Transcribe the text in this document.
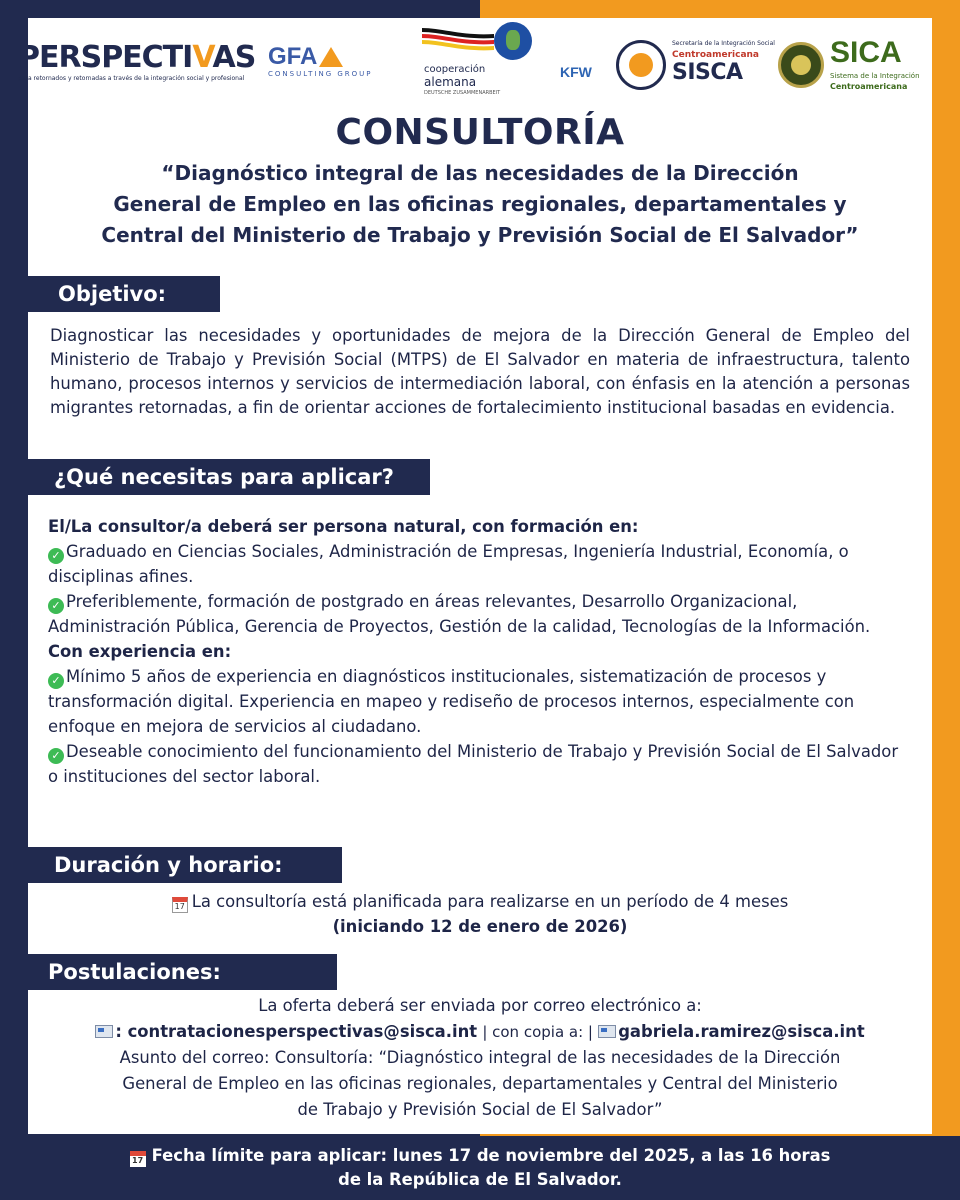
PERSPECTIVAS
para retornados y retornadas a través de la integración social y profesional
GFA
CONSULTING GROUP	cooperación
alemana
DEUTSCHE ZUSAMMENARBEIT
KFW
Secretaría de la Integración Social
Centroamericana
SISCA
SICA
Sistema de la Integración
Centroamericana
CONSULTORÍA
“Diagnóstico integral de las necesidades de la Dirección
General de Empleo en las oficinas regionales, departamentales y
Central del Ministerio de Trabajo y Previsión Social de El Salvador”
Objetivo:
Diagnosticar las necesidades y oportunidades de mejora de la Dirección General de Empleo del Ministerio de Trabajo y Previsión Social (MTPS) de El Salvador en materia de infraestructura, talento humano, procesos internos y servicios de intermediación laboral, con énfasis en la atención a personas migrantes retornadas, a fin de orientar acciones de fortalecimiento institucional basadas en evidencia.
¿Qué necesitas para aplicar?
El/La consultor/a deberá ser persona natural, con formación en:
✓ Graduado en Ciencias Sociales, Administración de Empresas, Ingeniería Industrial, Economía, o disciplinas afines.
✓ Preferiblemente, formación de postgrado en áreas relevantes, Desarrollo Organizacional, Administración Pública, Gerencia de Proyectos, Gestión de la calidad, Tecnologías de la Información.
Con experiencia en:
✓ Mínimo 5 años de experiencia en diagnósticos institucionales, sistematización de procesos y transformación digital. Experiencia en mapeo y rediseño de procesos internos, especialmente con enfoque en mejora de servicios al ciudadano.
✓ Deseable conocimiento del funcionamiento del Ministerio de Trabajo y Previsión Social de El Salvador o instituciones del sector laboral.
Duración y horario:
17 La consultoría está planificada para realizarse en un período de 4 meses
(iniciando 12 de enero de 2026)
Postulaciones:
La oferta deberá ser enviada por correo electrónico a:
: contratacionesperspectivas@sisca.int | con copia a: | gabriela.ramirez@sisca.int
Asunto del correo: Consultoría: “Diagnóstico integral de las necesidades de la Dirección
General de Empleo en las oficinas regionales, departamentales y Central del Ministerio
de Trabajo y Previsión Social de El Salvador”
17 Fecha límite para aplicar: lunes 17 de noviembre del 2025, a las 16 horas
de la República de El Salvador.
